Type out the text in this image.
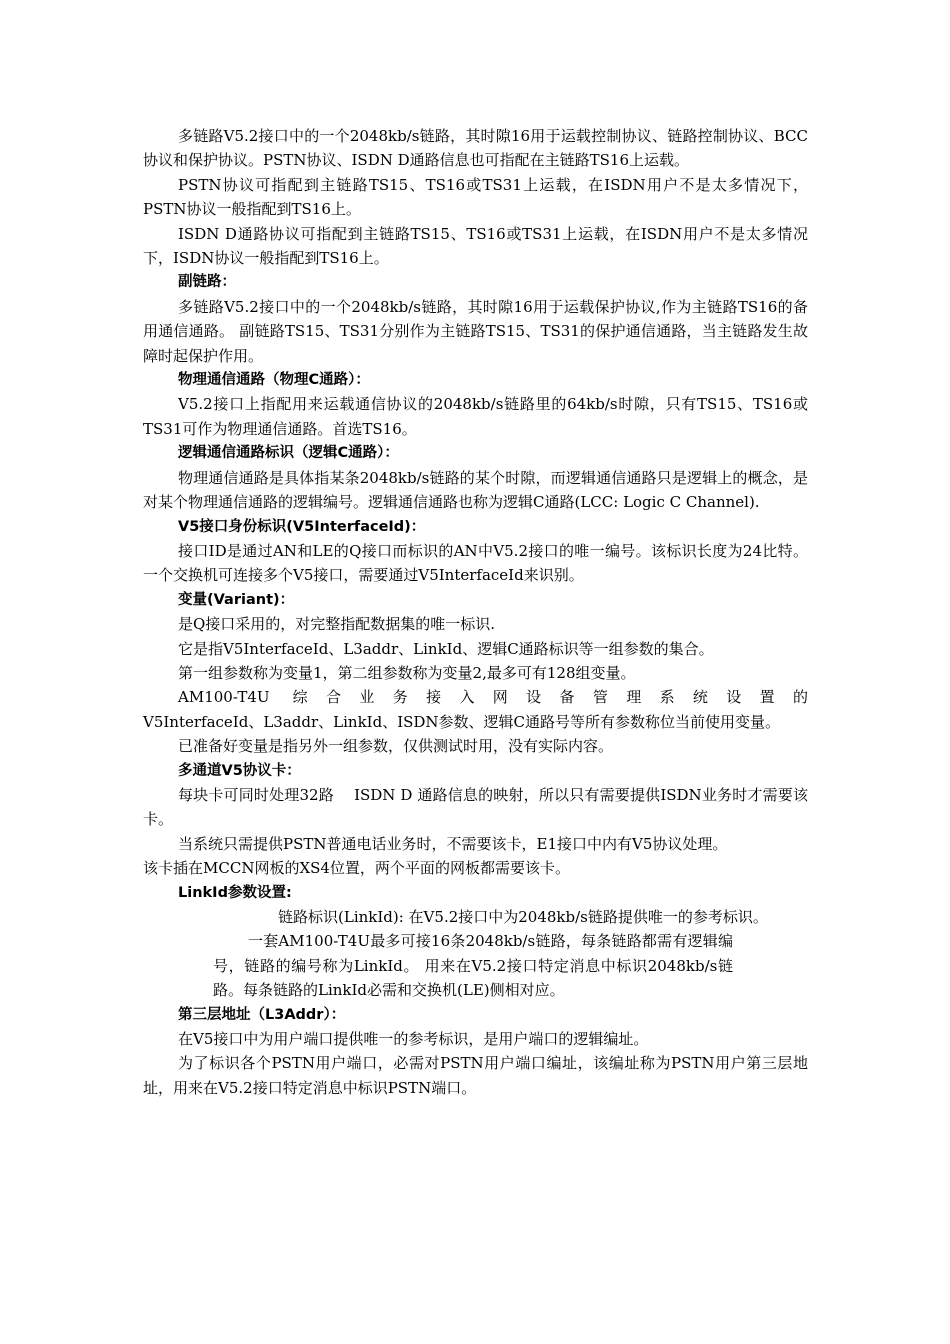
多链路V5.2接口中的一个2048kb/s链路，其时隙16用于运载控制协议、链路控制协议、BCC协议和保护协议。PSTN协议、ISDN D通路信息也可指配在主链路TS16上运载。

PSTN协议可指配到主链路TS15、TS16或TS31上运载，在ISDN用户不是太多情况下，PSTN协议一般指配到TS16上。

ISDN D通路协议可指配到主链路TS15、TS16或TS31上运载，在ISDN用户不是太多情况下，ISDN协议一般指配到TS16上。

副链路：

多链路V5.2接口中的一个2048kb/s链路，其时隙16用于运载保护协议,作为主链路TS16的备用通信通路。 副链路TS15、TS31分别作为主链路TS15、TS31的保护通信通路，当主链路发生故障时起保护作用。

物理通信通路（物理C通路）：

V5.2接口上指配用来运载通信协议的2048kb/s链路里的64kb/s时隙，只有TS15、TS16或TS31可作为物理通信通路。首选TS16。

逻辑通信通路标识（逻辑C通路）：

物理通信通路是具体指某条2048kb/s链路的某个时隙，而逻辑通信通路只是逻辑上的概念，是对某个物理通信通路的逻辑编号。逻辑通信通路也称为逻辑C通路(LCC: Logic C Channel).

V5接口身份标识(V5InterfaceId)：

接口ID是通过AN和LE的Q接口而标识的AN中V5.2接口的唯一编号。该标识长度为24比特。一个交换机可连接多个V5接口，需要通过V5InterfaceId来识别。

变量(Variant)：

是Q接口采用的，对完整指配数据集的唯一标识.

它是指V5InterfaceId、L3addr、LinkId、逻辑C通路标识等一组参数的集合。

第一组参数称为变量1，第二组参数称为变量2,最多可有128组变量。

AM100-T4U 综合业务接入网设备管理系统设置的

V5InterfaceId、L3addr、LinkId、ISDN参数、逻辑C通路号等所有参数称位当前使用变量。

已准备好变量是指另外一组参数，仅供测试时用，没有实际内容。

多通道V5协议卡：

每块卡可同时处理32路　 ISDN D 通路信息的映射，所以只有需要提供ISDN业务时才需要该卡。

当系统只需提供PSTN普通电话业务时，不需要该卡，E1接口中内有V5协议处理。

该卡插在MCCN网板的XS4位置，两个平面的网板都需要该卡。

LinkId参数设置:

链路标识(LinkId): 在V5.2接口中为2048kb/s链路提供唯一的参考标识。

一套AM100-T4U最多可接16条2048kb/s链路，每条链路都需有逻辑编号，链路的编号称为LinkId。 用来在V5.2接口特定消息中标识2048kb/s链路。每条链路的LinkId必需和交换机(LE)侧相对应。

第三层地址（L3Addr）：

在V5接口中为用户端口提供唯一的参考标识，是用户端口的逻辑编址。

为了标识各个PSTN用户端口，必需对PSTN用户端口编址，该编址称为PSTN用户第三层地址，用来在V5.2接口特定消息中标识PSTN端口。
